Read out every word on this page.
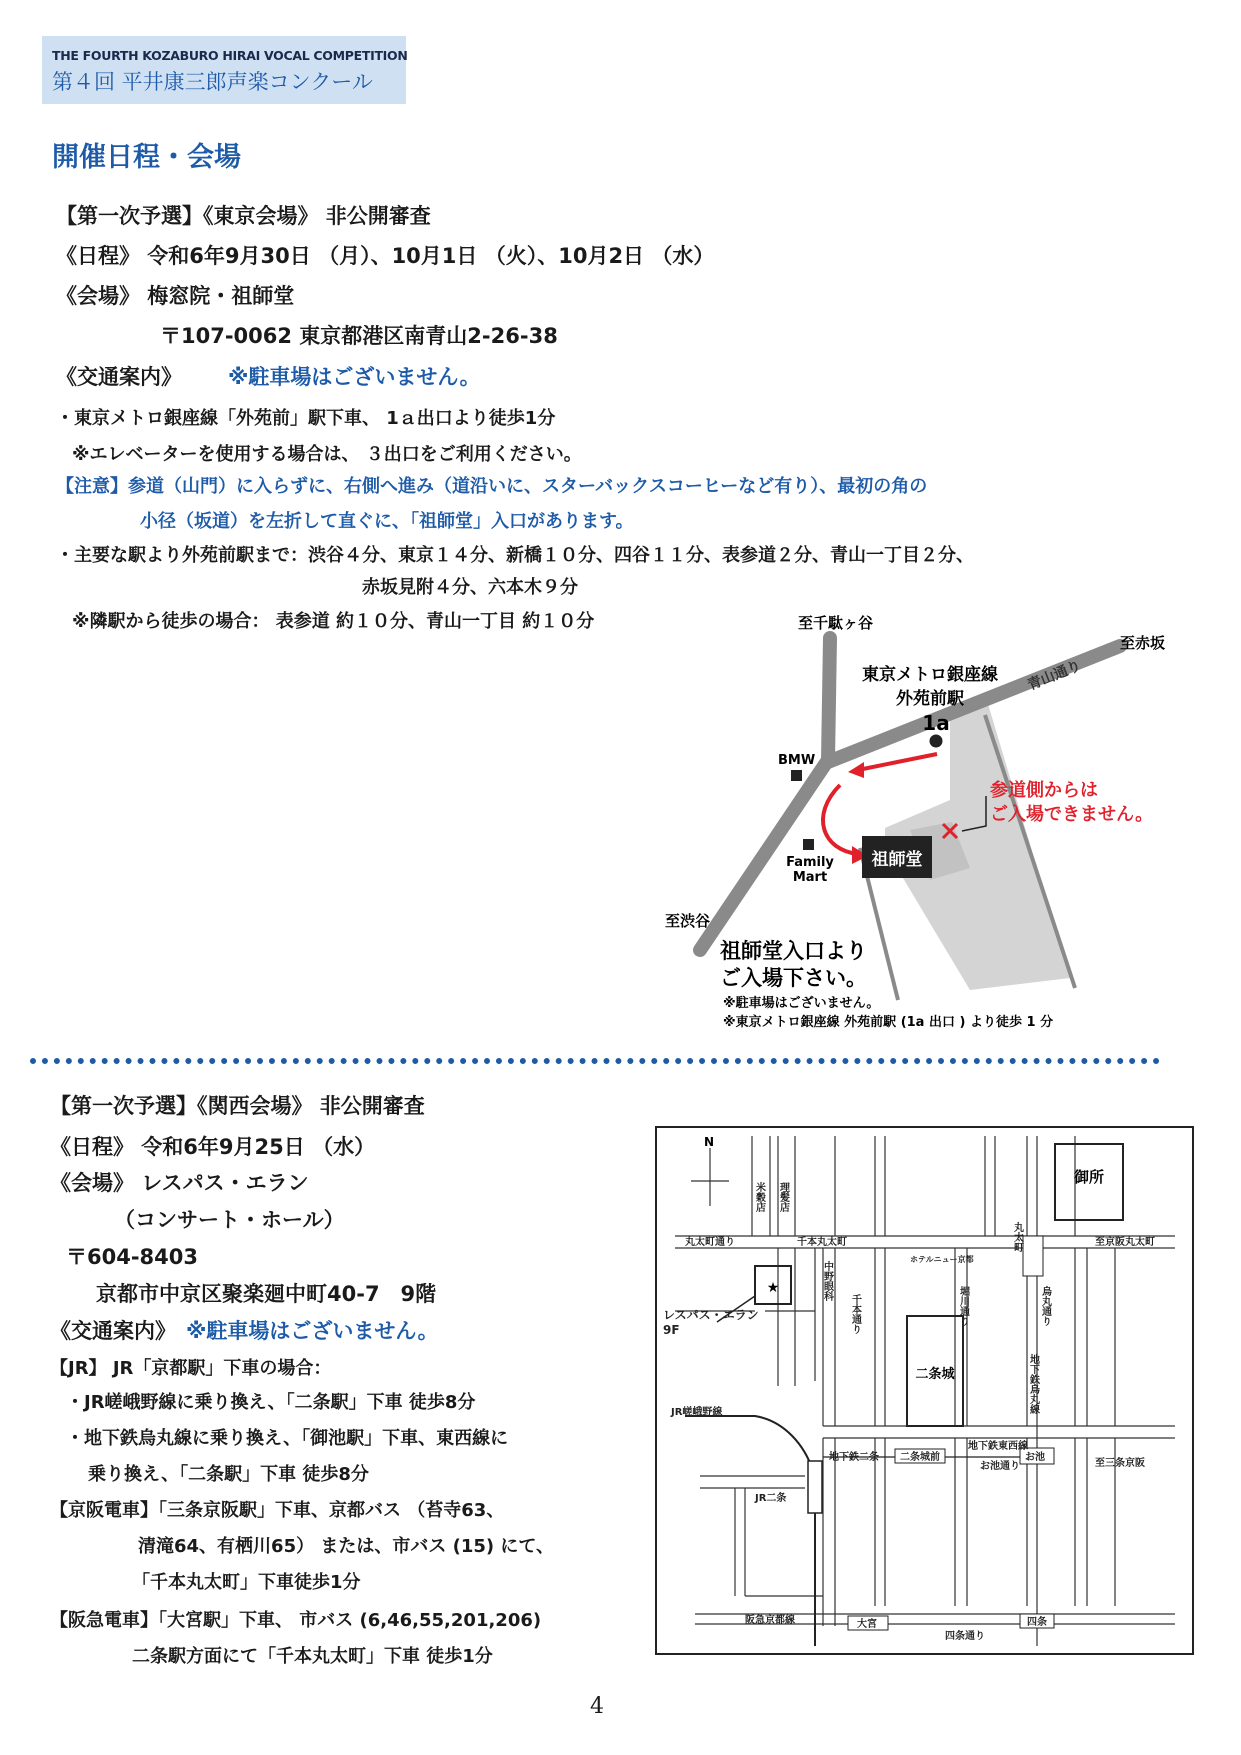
THE FOURTH KOZABURO HIRAI VOCAL COMPETITION
第４回 平井康三郎声楽コンクール
開催日程・会場
【第一次予選】《東京会場》 非公開審査
《日程》 令和6年9月30日 （月）、10月1日 （火）、10月2日 （水）
《会場》 梅窓院・祖師堂
〒107-0062 東京都港区南青山2-26-38
《交通案内》 ※駐車場はございません。
・東京メトロ銀座線「外苑前」駅下車、 1ａ出口より徒歩1分
※エレベーターを使用する場合は、 ３出口をご利用ください。
【注意】参道（山門）に入らずに、右側へ進み（道沿いに、スターバックスコーヒーなど有り）、最初の角の
小径（坂道）を左折して直ぐに、「祖師堂」入口があります。
・主要な駅より外苑前駅まで：渋谷４分、東京１４分、新橋１０分、四谷１１分、表参道２分、青山一丁目２分、
赤坂見附４分、六本木９分
※隣駅から徒歩の場合： 表参道 約１０分、青山一丁目 約１０分
祖師堂
至千駄ヶ谷
至赤坂
青山通り
東京メトロ銀座線
外苑前駅
1a
BMW
Family
Mart
参道側からは
ご入場できません。
至渋谷
祖師堂入口より
ご入場下さい。
※駐車場はございません。
※東京メトロ銀座線 外苑前駅 (1a 出口 ) より徒歩 1 分
【第一次予選】《関西会場》 非公開審査
《日程》 令和6年9月25日 （水）
《会場》 レスパス・エラン
（コンサート・ホール）
〒604-8403
京都市中京区聚楽廻中町40-7　9階
《交通案内》 ※駐車場はございません。
【JR】 JR「京都駅」下車の場合：
・JR嵯峨野線に乗り換え、「二条駅」下車 徒歩8分
・地下鉄烏丸線に乗り換え、「御池駅」下車、東西線に
乗り換え、「二条駅」下車 徒歩8分
【京阪電車】「三条京阪駅」下車、京都バス （苔寺63、
清滝64、有栖川65） または、市バス (15) にて、
「千本丸太町」下車徒歩1分
【阪急電車】「大宮駅」下車、 市バス (6,46,55,201,206)
二条駅方面にて「千本丸太町」下車 徒歩1分
N
御所
二条城
★
米穀店 理髪店
丸太町通り	千本丸太町
中野眼科
千本通り
ホテルニュー京都
堀川通り
丸太町	至京阪丸太町
烏丸通り
レスパス・エラン
9F
JR嵯峨野線	地下鉄烏丸線
JR二条
地下鉄二条 二条城前
地下鉄東西線
お池通り
お池
至三条京阪
阪急京都線	大宮	四条
四条通り
4
